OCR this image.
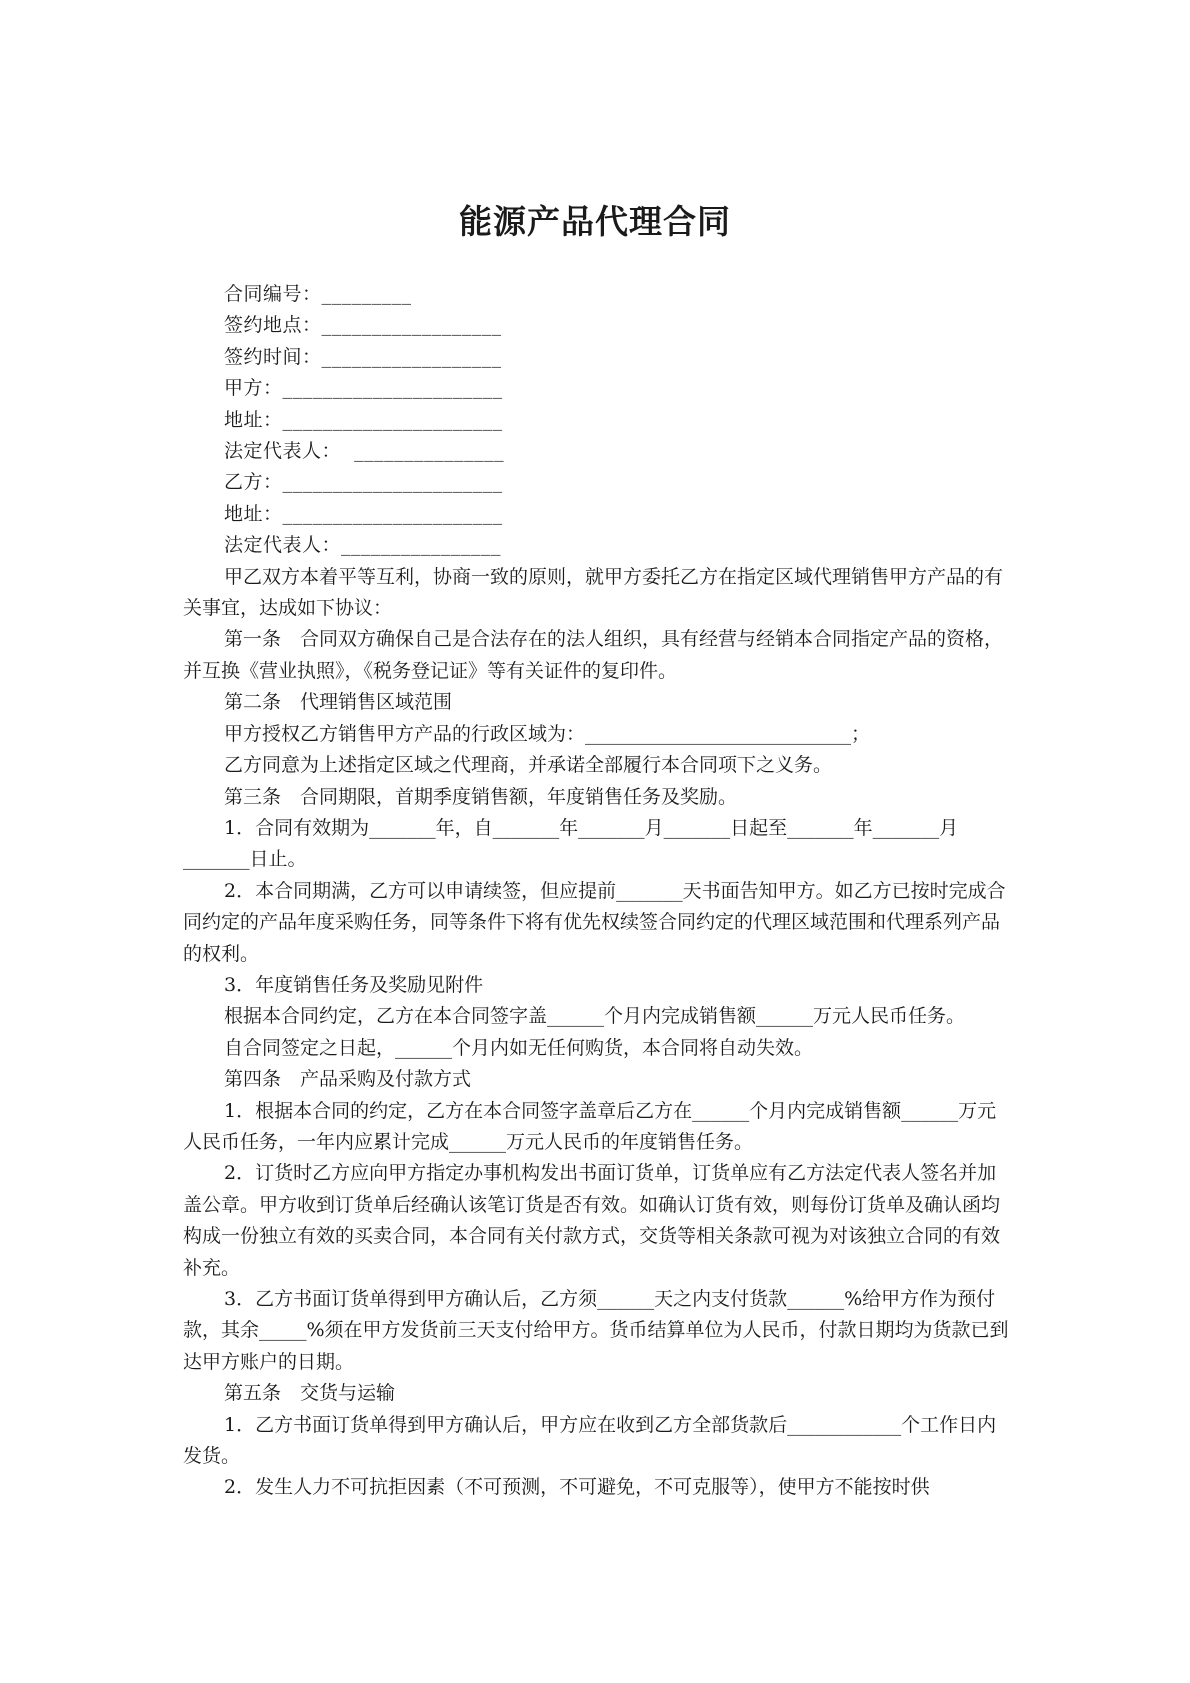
能源产品代理合同

合同编号：_________

签约地点：__________________

签约时间：__________________

甲方：______________________

地址：______________________

法定代表人：  _______________

乙方：______________________

地址：______________________

法定代表人：________________

甲乙双方本着平等互利，协商一致的原则，就甲方委托乙方在指定区域代理销售甲方产品的有关事宜，达成如下协议：

第一条　合同双方确保自己是合法存在的法人组织，具有经营与经销本合同指定产品的资格，并互换《营业执照》，《税务登记证》等有关证件的复印件。

第二条　代理销售区域范围

甲方授权乙方销售甲方产品的行政区域为：____________________________；

乙方同意为上述指定区域之代理商，并承诺全部履行本合同项下之义务。

第三条　合同期限，首期季度销售额，年度销售任务及奖励。

1．合同有效期为_______年，自_______年_______月_______日起至_______年_______月_______日止。

2．本合同期满，乙方可以申请续签，但应提前_______天书面告知甲方。如乙方已按时完成合同约定的产品年度采购任务，同等条件下将有优先权续签合同约定的代理区域范围和代理系列产品的权利。

3．年度销售任务及奖励见附件

根据本合同约定，乙方在本合同签字盖______个月内完成销售额______万元人民币任务。

自合同签定之日起，______个月内如无任何购货，本合同将自动失效。

第四条　产品采购及付款方式

1．根据本合同的约定，乙方在本合同签字盖章后乙方在______个月内完成销售额______万元人民币任务，一年内应累计完成______万元人民币的年度销售任务。

2．订货时乙方应向甲方指定办事机构发出书面订货单，订货单应有乙方法定代表人签名并加盖公章。甲方收到订货单后经确认该笔订货是否有效。如确认订货有效，则每份订货单及确认函均构成一份独立有效的买卖合同，本合同有关付款方式，交货等相关条款可视为对该独立合同的有效补充。

3．乙方书面订货单得到甲方确认后，乙方须______天之内支付货款______%给甲方作为预付款，其余_____%须在甲方发货前三天支付给甲方。货币结算单位为人民币，付款日期均为货款已到达甲方账户的日期。

第五条　交货与运输

1．乙方书面订货单得到甲方确认后，甲方应在收到乙方全部货款后____________个工作日内发货。

2．发生人力不可抗拒因素（不可预测，不可避免，不可克服等），使甲方不能按时供
